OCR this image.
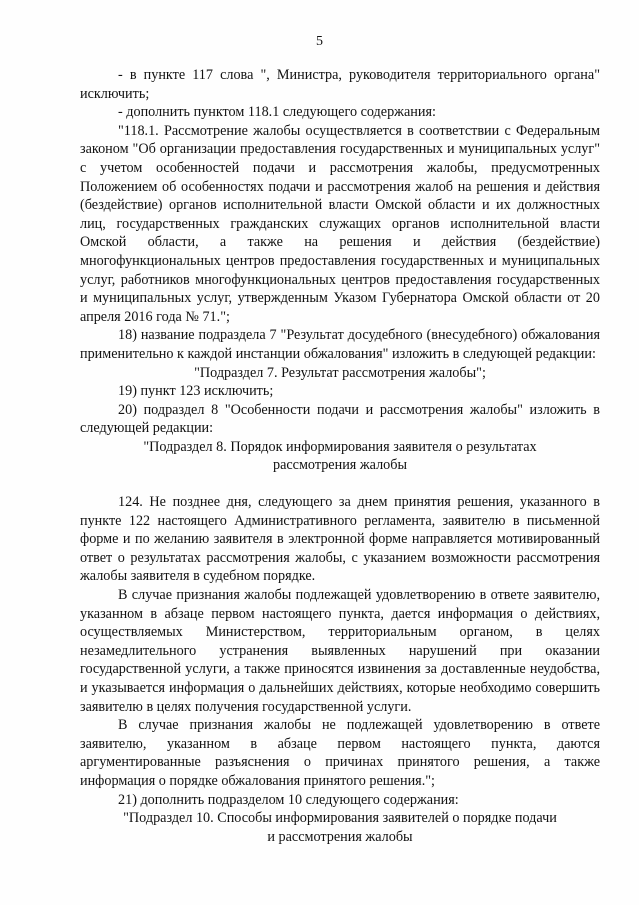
5

- в пункте 117 слова ", Министра, руководителя территориального органа" исключить;

- дополнить пунктом 118.1 следующего содержания:

"118.1. Рассмотрение жалобы осуществляется в соответствии с Федеральным законом "Об организации предоставления государственных и муниципальных услуг" с учетом особенностей подачи и рассмотрения жалобы, предусмотренных Положением об особенностях подачи и рассмотрения жалоб на решения и действия (бездействие) органов исполнительной власти Омской области и их должностных лиц, государственных гражданских служащих органов исполнительной власти Омской области, а также на решения и действия (бездействие) многофункциональных центров предоставления государственных и муниципальных услуг, работников многофункциональных центров предоставления государственных и муниципальных услуг, утвержденным Указом Губернатора Омской области от 20 апреля 2016 года № 71.";

18) название подраздела 7 "Результат досудебного (внесудебного) обжалования применительно к каждой инстанции обжалования" изложить в следующей редакции:

"Подраздел 7. Результат рассмотрения жалобы";

19) пункт 123 исключить;

20) подраздел 8 "Особенности подачи и рассмотрения жалобы" изложить в следующей редакции:

"Подраздел 8. Порядок информирования заявителя о результатах рассмотрения жалобы

124. Не позднее дня, следующего за днем принятия решения, указанного в пункте 122 настоящего Административного регламента, заявителю в письменной форме и по желанию заявителя в электронной форме направляется мотивированный ответ о результатах рассмотрения жалобы, с указанием возможности рассмотрения жалобы заявителя в судебном порядке.

В случае признания жалобы подлежащей удовлетворению в ответе заявителю, указанном в абзаце первом настоящего пункта, дается информация о действиях, осуществляемых Министерством, территориальным органом, в целях незамедлительного устранения выявленных нарушений при оказании государственной услуги, а также приносятся извинения за доставленные неудобства, и указывается информация о дальнейших действиях, которые необходимо совершить заявителю в целях получения государственной услуги.

В случае признания жалобы не подлежащей удовлетворению в ответе заявителю, указанном в абзаце первом настоящего пункта, даются аргументированные разъяснения о причинах принятого решения, а также информация о порядке обжалования принятого решения.";

21) дополнить подразделом 10 следующего содержания:

"Подраздел 10. Способы информирования заявителей о порядке подачи и рассмотрения жалобы
